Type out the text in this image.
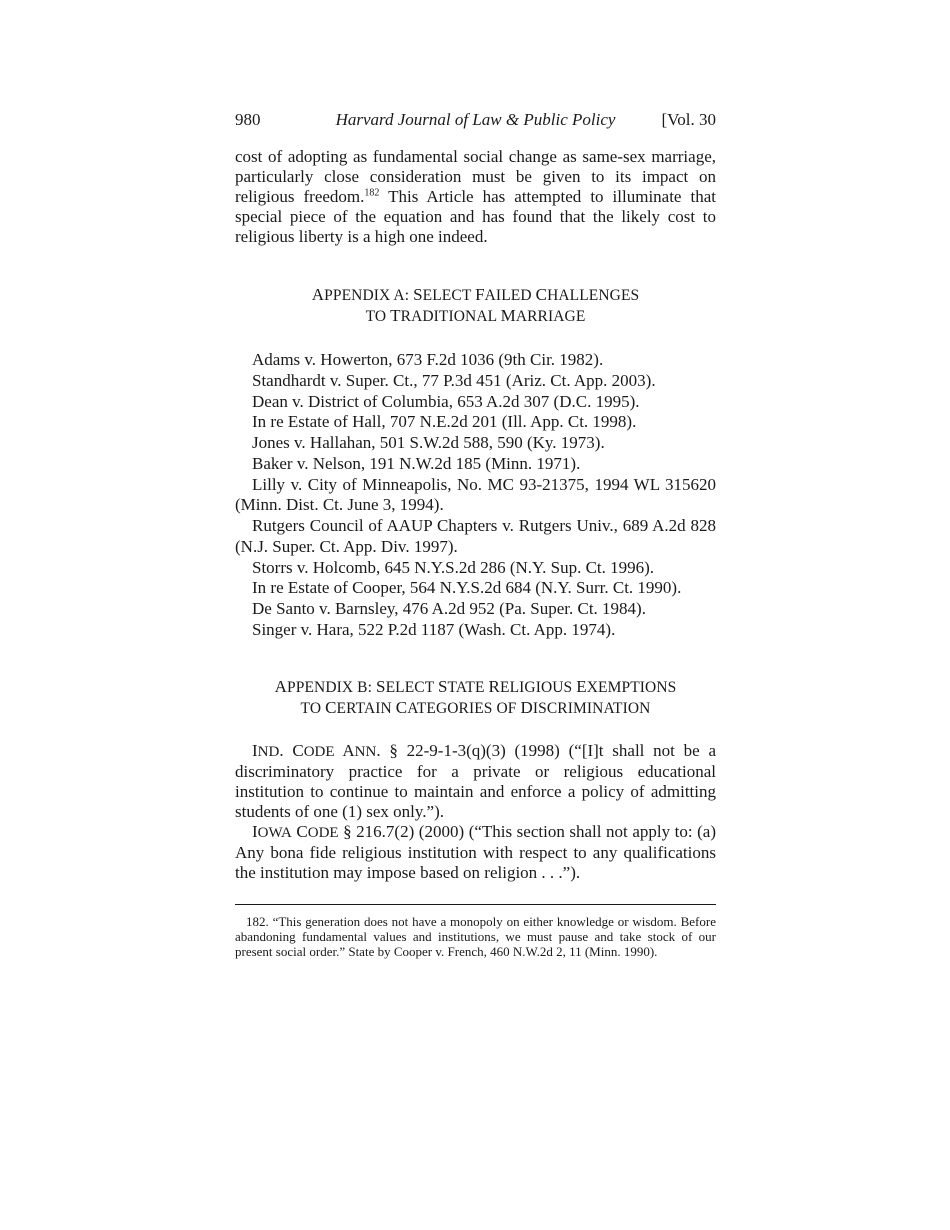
980	Harvard Journal of Law & Public Policy	[Vol. 30

cost of adopting as fundamental social change as same-sex marriage, particularly close consideration must be given to its impact on religious freedom.$^{182}$ This Article has attempted to illuminate that special piece of the equation and has found that the likely cost to religious liberty is a high one indeed.

APPENDIX A: SELECT FAILED CHALLENGES
TO TRADITIONAL MARRIAGE
Adams v. Howerton, 673 F.2d 1036 (9th Cir. 1982).
Standhardt v. Super. Ct., 77 P.3d 451 (Ariz. Ct. App. 2003).
Dean v. District of Columbia, 653 A.2d 307 (D.C. 1995).
In re Estate of Hall, 707 N.E.2d 201 (Ill. App. Ct. 1998).
Jones v. Hallahan, 501 S.W.2d 588, 590 (Ky. 1973).
Baker v. Nelson, 191 N.W.2d 185 (Minn. 1971).
Lilly v. City of Minneapolis, No. MC 93-21375, 1994 WL 315620 (Minn. Dist. Ct. June 3, 1994).
Rutgers Council of AAUP Chapters v. Rutgers Univ., 689 A.2d 828 (N.J. Super. Ct. App. Div. 1997).
Storrs v. Holcomb, 645 N.Y.S.2d 286 (N.Y. Sup. Ct. 1996).
In re Estate of Cooper, 564 N.Y.S.2d 684 (N.Y. Surr. Ct. 1990).
De Santo v. Barnsley, 476 A.2d 952 (Pa. Super. Ct. 1984).
Singer v. Hara, 522 P.2d 1187 (Wash. Ct. App. 1974).
APPENDIX B: SELECT STATE RELIGIOUS EXEMPTIONS
TO CERTAIN CATEGORIES OF DISCRIMINATION

IND. CODE ANN. § 22-9-1-3(q)(3) (1998) (“[I]t shall not be a discriminatory practice for a private or religious educational institution to continue to maintain and enforce a policy of admitting students of one (1) sex only.”).

IOWA CODE § 216.7(2) (2000) (“This section shall not apply to: (a) Any bona fide religious institution with respect to any qualifications the institution may impose based on religion . . .”).

182. “This generation does not have a monopoly on either knowledge or wisdom. Before abandoning fundamental values and institutions, we must pause and take stock of our present social order.” State by Cooper v. French, 460 N.W.2d 2, 11 (Minn. 1990).
